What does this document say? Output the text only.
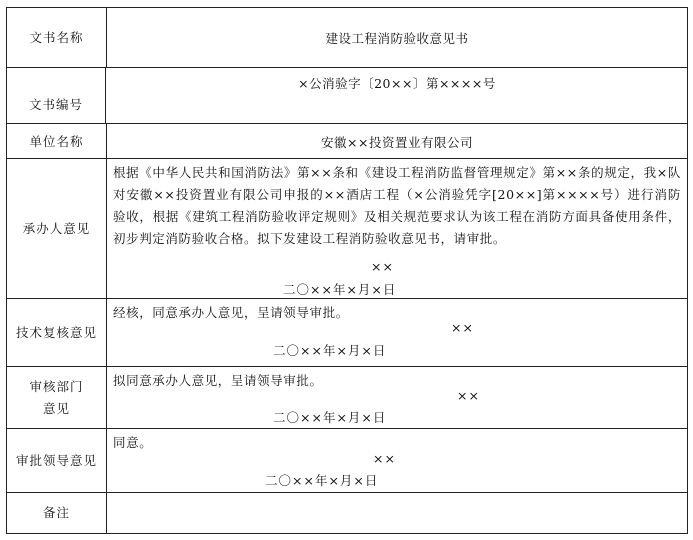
文书名称	建设工程消防验收意见书
文书编号
×公消验字〔20××〕第××××号
单位名称	安徽××投资置业有限公司
承办人意见
根据《中华人民共和国消防法》第××条和《建设工程消防监督管理规定》第××条的规定，我×队对安徽××投资置业有限公司申报的××酒店工程（×公消验凭字[20××]第××××号）进行消防验收，根据《建筑工程消防验收评定规则》及相关规范要求认为该工程在消防方面具备使用条件，初步判定消防验收合格。拟下发建设工程消防验收意见书，请审批。
××
二〇××年×月×日
技术复核意见
经核，同意承办人意见，呈请领导审批。
××
二〇××年×月×日
审核部门
意见
拟同意承办人意见，呈请领导审批。
××
二〇××年×月×日
审批领导意见
同意。
××
二〇××年×月×日
备注
